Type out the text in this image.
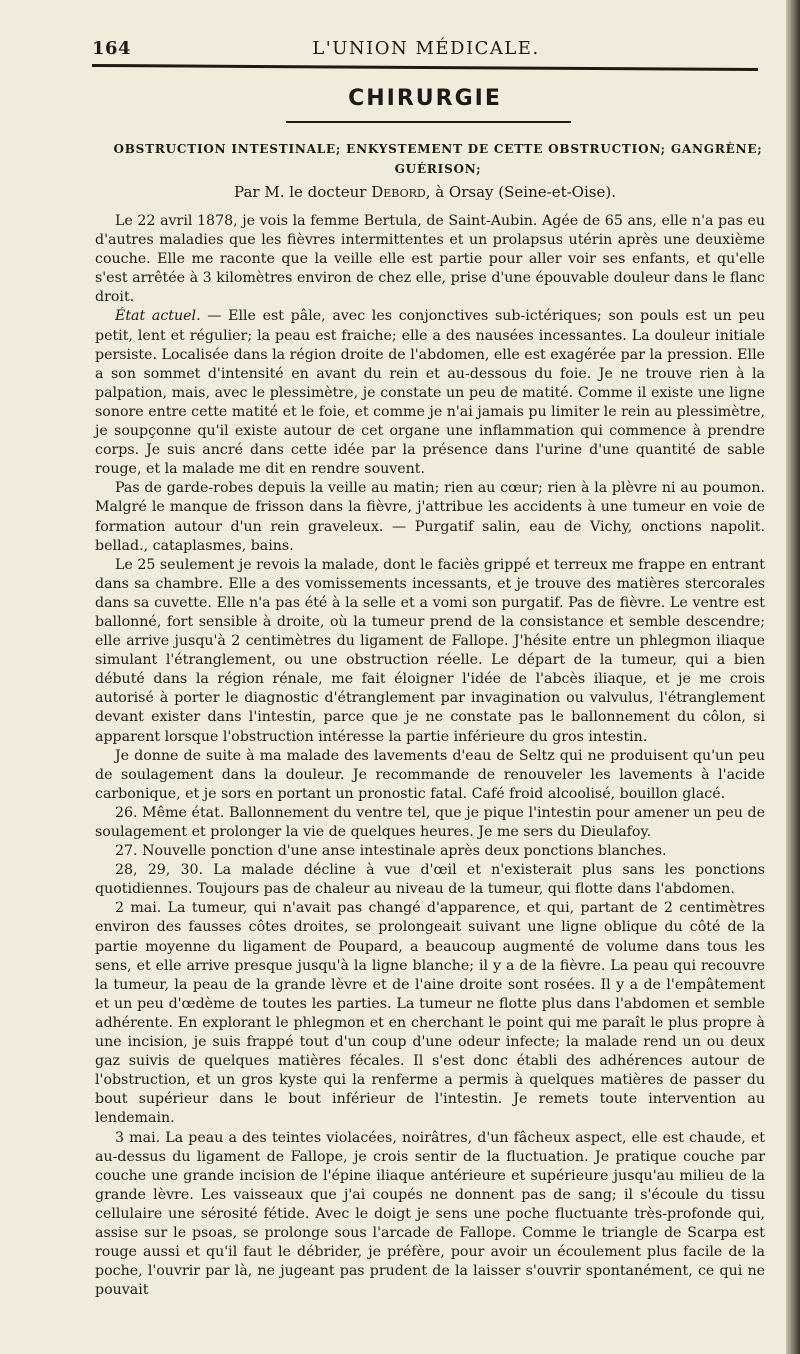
164	L'UNION MÉDICALE.
CHIRURGIE
OBSTRUCTION INTESTINALE; ENKYSTEMENT DE CETTE OBSTRUCTION; GANGRÈNE;
GUÉRISON;
Par M. le docteur Debord, à Orsay (Seine-et-Oise).

Le 22 avril 1878, je vois la femme Bertula, de Saint-Aubin. Agée de 65 ans, elle n'a pas eu d'autres maladies que les fièvres intermittentes et un prolapsus utérin après une deuxième couche. Elle me raconte que la veille elle est partie pour aller voir ses enfants, et qu'elle s'est arrêtée à 3 kilomètres environ de chez elle, prise d'une épouvable douleur dans le flanc droit.

État actuel. — Elle est pâle, avec les conjonctives sub-ictériques; son pouls est un peu petit, lent et régulier; la peau est fraiche; elle a des nausées incessantes. La douleur initiale persiste. Localisée dans la région droite de l'abdomen, elle est exagérée par la pression. Elle a son sommet d'intensité en avant du rein et au-dessous du foie. Je ne trouve rien à la palpation, mais, avec le plessimètre, je constate un peu de matité. Comme il existe une ligne sonore entre cette matité et le foie, et comme je n'ai jamais pu limiter le rein au plessimètre, je soupçonne qu'il existe autour de cet organe une inflammation qui commence à prendre corps. Je suis ancré dans cette idée par la présence dans l'urine d'une quantité de sable rouge, et la malade me dit en rendre souvent.

Pas de garde-robes depuis la veille au matin; rien au cœur; rien à la plèvre ni au poumon. Malgré le manque de frisson dans la fièvre, j'attribue les accidents à une tumeur en voie de formation autour d'un rein graveleux. — Purgatif salin, eau de Vichy, onctions napolit. bellad., cataplasmes, bains.

Le 25 seulement je revois la malade, dont le faciès grippé et terreux me frappe en entrant dans sa chambre. Elle a des vomissements incessants, et je trouve des matières stercorales dans sa cuvette. Elle n'a pas été à la selle et a vomi son purgatif. Pas de fièvre. Le ventre est ballonné, fort sensible à droite, où la tumeur prend de la consistance et semble descendre; elle arrive jusqu'à 2 centimètres du ligament de Fallope. J'hésite entre un phlegmon iliaque simulant l'étranglement, ou une obstruction réelle. Le départ de la tumeur, qui a bien débuté dans la région rénale, me fait éloigner l'idée de l'abcès iliaque, et je me crois autorisé à porter le diagnostic d'étranglement par invagination ou valvulus, l'étranglement devant exister dans l'intestin, parce que je ne constate pas le ballonnement du côlon, si apparent lorsque l'obstruction intéresse la partie inférieure du gros intestin.

Je donne de suite à ma malade des lavements d'eau de Seltz qui ne produisent qu'un peu de soulagement dans la douleur. Je recommande de renouveler les lavements à l'acide carbonique, et je sors en portant un pronostic fatal. Café froid alcoolisé, bouillon glacé.

26. Même état. Ballonnement du ventre tel, que je pique l'intestin pour amener un peu de soulagement et prolonger la vie de quelques heures. Je me sers du Dieulafoy.

27. Nouvelle ponction d'une anse intestinale après deux ponctions blanches.

28, 29, 30. La malade décline à vue d'œil et n'existerait plus sans les ponctions quotidiennes. Toujours pas de chaleur au niveau de la tumeur, qui flotte dans l'abdomen.

2 mai. La tumeur, qui n'avait pas changé d'apparence, et qui, partant de 2 centimètres environ des fausses côtes droites, se prolongeait suivant une ligne oblique du côté de la partie moyenne du ligament de Poupard, a beaucoup augmenté de volume dans tous les sens, et elle arrive presque jusqu'à la ligne blanche; il y a de la fièvre. La peau qui recouvre la tumeur, la peau de la grande lèvre et de l'aine droite sont rosées. Il y a de l'empâtement et un peu d'œdème de toutes les parties. La tumeur ne flotte plus dans l'abdomen et semble adhérente. En explorant le phlegmon et en cherchant le point qui me paraît le plus propre à une incision, je suis frappé tout d'un coup d'une odeur infecte; la malade rend un ou deux gaz suivis de quelques matières fécales. Il s'est donc établi des adhérences autour de l'obstruction, et un gros kyste qui la renferme a permis à quelques matières de passer du bout supérieur dans le bout inférieur de l'intestin. Je remets toute intervention au lendemain.

3 mai. La peau a des teintes violacées, noirâtres, d'un fâcheux aspect, elle est chaude, et au-dessus du ligament de Fallope, je crois sentir de la fluctuation. Je pratique couche par couche une grande incision de l'épine iliaque antérieure et supérieure jusqu'au milieu de la grande lèvre. Les vaisseaux que j'ai coupés ne donnent pas de sang; il s'écoule du tissu cellulaire une sérosité fétide. Avec le doigt je sens une poche fluctuante très-profonde qui, assise sur le psoas, se prolonge sous l'arcade de Fallope. Comme le triangle de Scarpa est rouge aussi et qu'il faut le débrider, je préfère, pour avoir un écoulement plus facile de la poche, l'ouvrir par là, ne jugeant pas prudent de la laisser s'ouvrir spontanément, ce qui ne pouvait
